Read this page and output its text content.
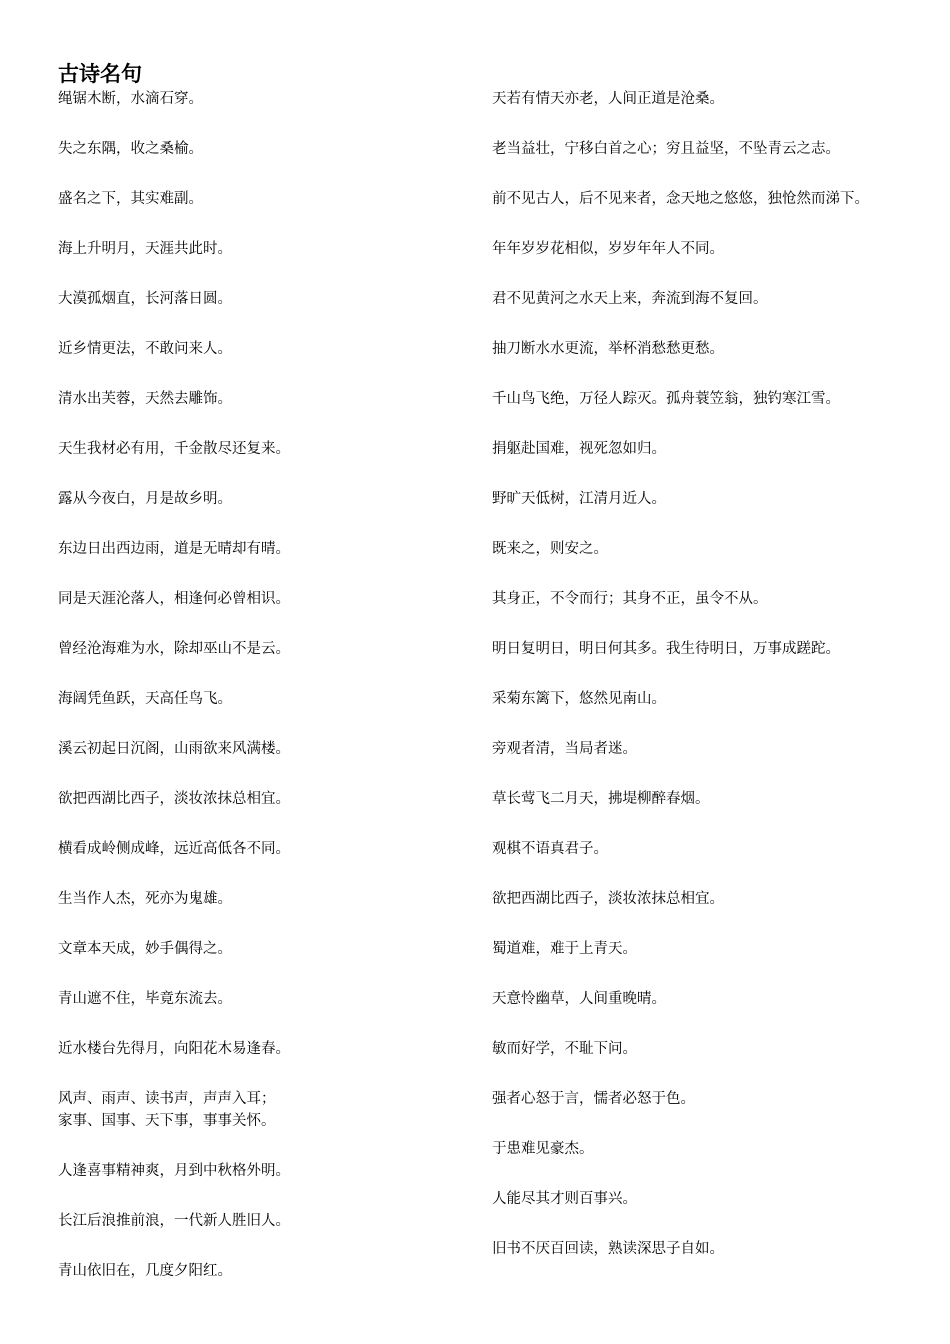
古诗名句
绳锯木断，水滴石穿。
失之东隅，收之桑榆。
盛名之下，其实难副。
海上升明月，天涯共此时。
大漠孤烟直，长河落日圆。
近乡情更法，不敢问来人。
清水出芙蓉，天然去雕饰。
天生我材必有用，千金散尽还复来。
露从今夜白，月是故乡明。
东边日出西边雨，道是无晴却有晴。
同是天涯沦落人，相逢何必曾相识。
曾经沧海难为水，除却巫山不是云。
海阔凭鱼跃，天高任鸟飞。
溪云初起日沉阁，山雨欲来风满楼。
欲把西湖比西子，淡妆浓抹总相宜。
横看成岭侧成峰，远近高低各不同。
生当作人杰，死亦为鬼雄。
文章本天成，妙手偶得之。
青山遮不住，毕竟东流去。
近水楼台先得月，向阳花木易逢春。
风声、雨声、读书声，声声入耳；
家事、国事、天下事，事事关怀。
人逢喜事精神爽，月到中秋格外明。
长江后浪推前浪，一代新人胜旧人。
青山依旧在，几度夕阳红。
天若有情天亦老，人间正道是沧桑。
老当益壮，宁移白首之心；穷且益坚，不坠青云之志。
前不见古人，后不见来者，念天地之悠悠，独怆然而涕下。
年年岁岁花相似，岁岁年年人不同。
君不见黄河之水天上来，奔流到海不复回。
抽刀断水水更流，举杯消愁愁更愁。
千山鸟飞绝，万径人踪灭。孤舟蓑笠翁，独钓寒江雪。
捐躯赴国难，视死忽如归。
野旷天低树，江清月近人。
既来之，则安之。
其身正，不令而行；其身不正，虽令不从。
明日复明日，明日何其多。我生待明日，万事成蹉跎。
采菊东篱下，悠然见南山。
旁观者清，当局者迷。
草长莺飞二月天，拂堤柳醉春烟。
观棋不语真君子。
欲把西湖比西子，淡妆浓抹总相宜。
蜀道难，难于上青天。
天意怜幽草，人间重晚晴。
敏而好学，不耻下问。
强者心怒于言，懦者必怒于色。
于患难见豪杰。
人能尽其才则百事兴。
旧书不厌百回读，熟读深思子自如。
